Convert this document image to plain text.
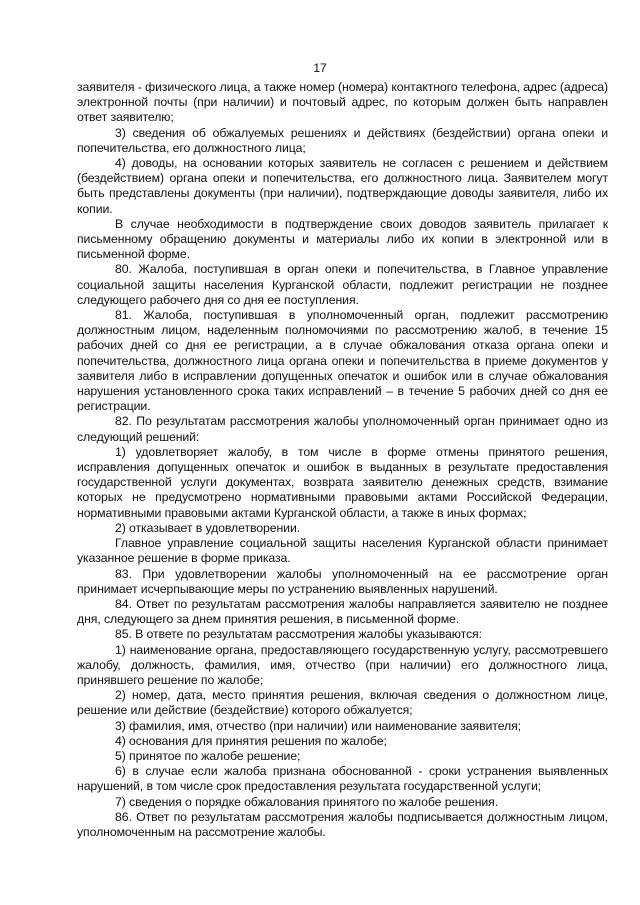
17

заявителя - физического лица, а также номер (номера) контактного телефона, адрес (адреса) электронной почты (при наличии) и почтовый адрес, по которым должен быть направлен ответ заявителю;

3) сведения об обжалуемых решениях и действиях (бездействии) органа опеки и попечительства, его должностного лица;

4) доводы, на основании которых заявитель не согласен с решением и действием (бездействием) органа опеки и попечительства, его должностного лица. Заявителем могут быть представлены документы (при наличии), подтверждающие доводы заявителя, либо их копии.

В случае необходимости в подтверждение своих доводов заявитель прилагает к письменному обращению документы и материалы либо их копии в электронной или в письменной форме.

80. Жалоба, поступившая в орган опеки и попечительства, в Главное управление социальной защиты населения Курганской области, подлежит регистрации не позднее следующего рабочего дня со дня ее поступления.

81. Жалоба, поступившая в уполномоченный орган, подлежит рассмотрению должностным лицом, наделенным полномочиями по рассмотрению жалоб, в течение 15 рабочих дней со дня ее регистрации, а в случае обжалования отказа органа опеки и попечительства, должностного лица органа опеки и попечительства в приеме документов у заявителя либо в исправлении допущенных опечаток и ошибок или в случае обжалования нарушения установленного срока таких исправлений – в течение 5 рабочих дней со дня ее регистрации.

82. По результатам рассмотрения жалобы уполномоченный орган принимает одно из следующий решений:

1) удовлетворяет жалобу, в том числе в форме отмены принятого решения, исправления допущенных опечаток и ошибок в выданных в результате предоставления государственной услуги документах, возврата заявителю денежных средств, взимание которых не предусмотрено нормативными правовыми актами Российской Федерации, нормативными правовыми актами Курганской области, а также в иных формах;

2) отказывает в удовлетворении.

Главное управление социальной защиты населения Курганской области принимает указанное решение в форме приказа.

83. При удовлетворении жалобы уполномоченный на ее рассмотрение орган принимает исчерпывающие меры по устранению выявленных нарушений.

84. Ответ по результатам рассмотрения жалобы направляется заявителю не позднее дня, следующего за днем принятия решения, в письменной форме.

85. В ответе по результатам рассмотрения жалобы указываются:

1) наименование органа, предоставляющего государственную услугу, рассмотревшего жалобу, должность, фамилия, имя, отчество (при наличии) его должностного лица, принявшего решение по жалобе;

2) номер, дата, место принятия решения, включая сведения о должностном лице, решение или действие (бездействие) которого обжалуется;

3) фамилия, имя, отчество (при наличии) или наименование заявителя;

4) основания для принятия решения по жалобе;

5) принятое по жалобе решение;

6) в случае если жалоба признана обоснованной - сроки устранения выявленных нарушений, в том числе срок предоставления результата государственной услуги;

7) сведения о порядке обжалования принятого по жалобе решения.

86. Ответ по результатам рассмотрения жалобы подписывается должностным лицом, уполномоченным на рассмотрение жалобы.
